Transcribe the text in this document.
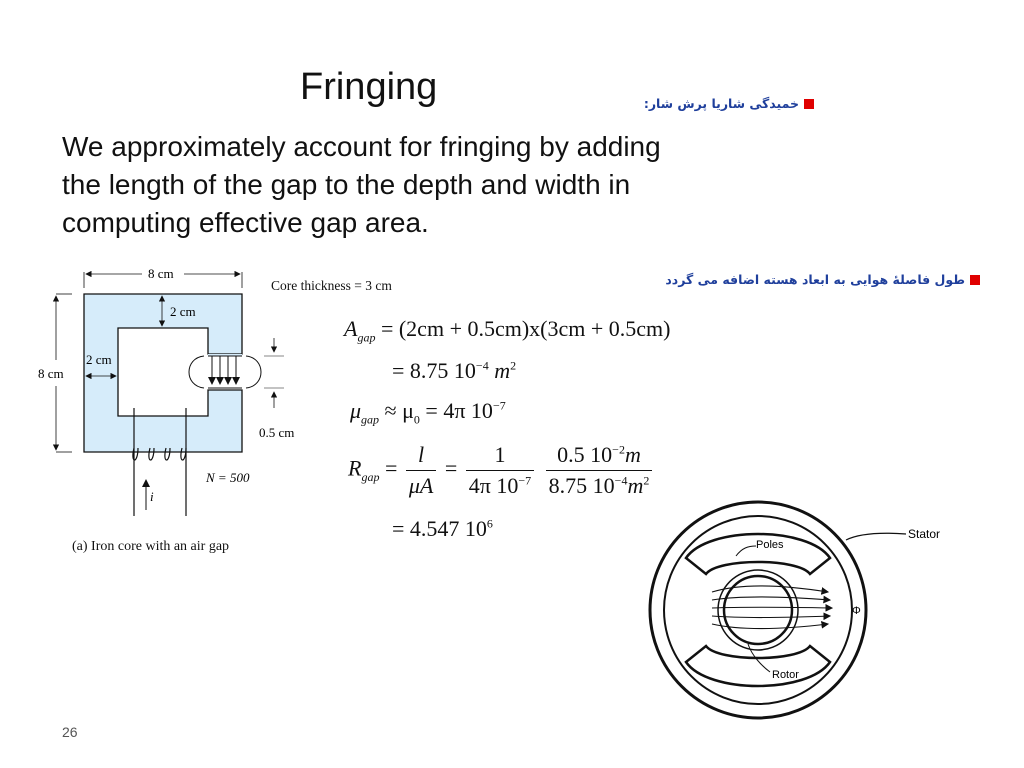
Fringing
We approximately account for fringing by adding the length of the gap to the depth and width in computing effective gap area.
خمیدگی شاریا پرش شار:
طول فاصلهٔ هوایی به ابعاد هسته اضافه می گردد
8 cm
2 cm
8 cm
2 cm
0.5 cm
N = 500
i
Core thickness = 3 cm
(a) Iron core with an air gap
$A_{gap} = (2cm + 0.5cm)x(3cm + 0.5cm)$
= 8.75 $10^{-4}$ $m^2$
$\mu_{gap} \approx \mu_0 = 4\pi$ $10^{-7}$
$R_{gap} = \frac{l}{\mu A} = \frac{1}{4\pi 10^{-7}}$
$\frac{0.5 10^{-2}m}{8.75 10^{-4}m^2}$
= 4.547 $10^6$
Stator
Poles
Rotor
Φ
26
